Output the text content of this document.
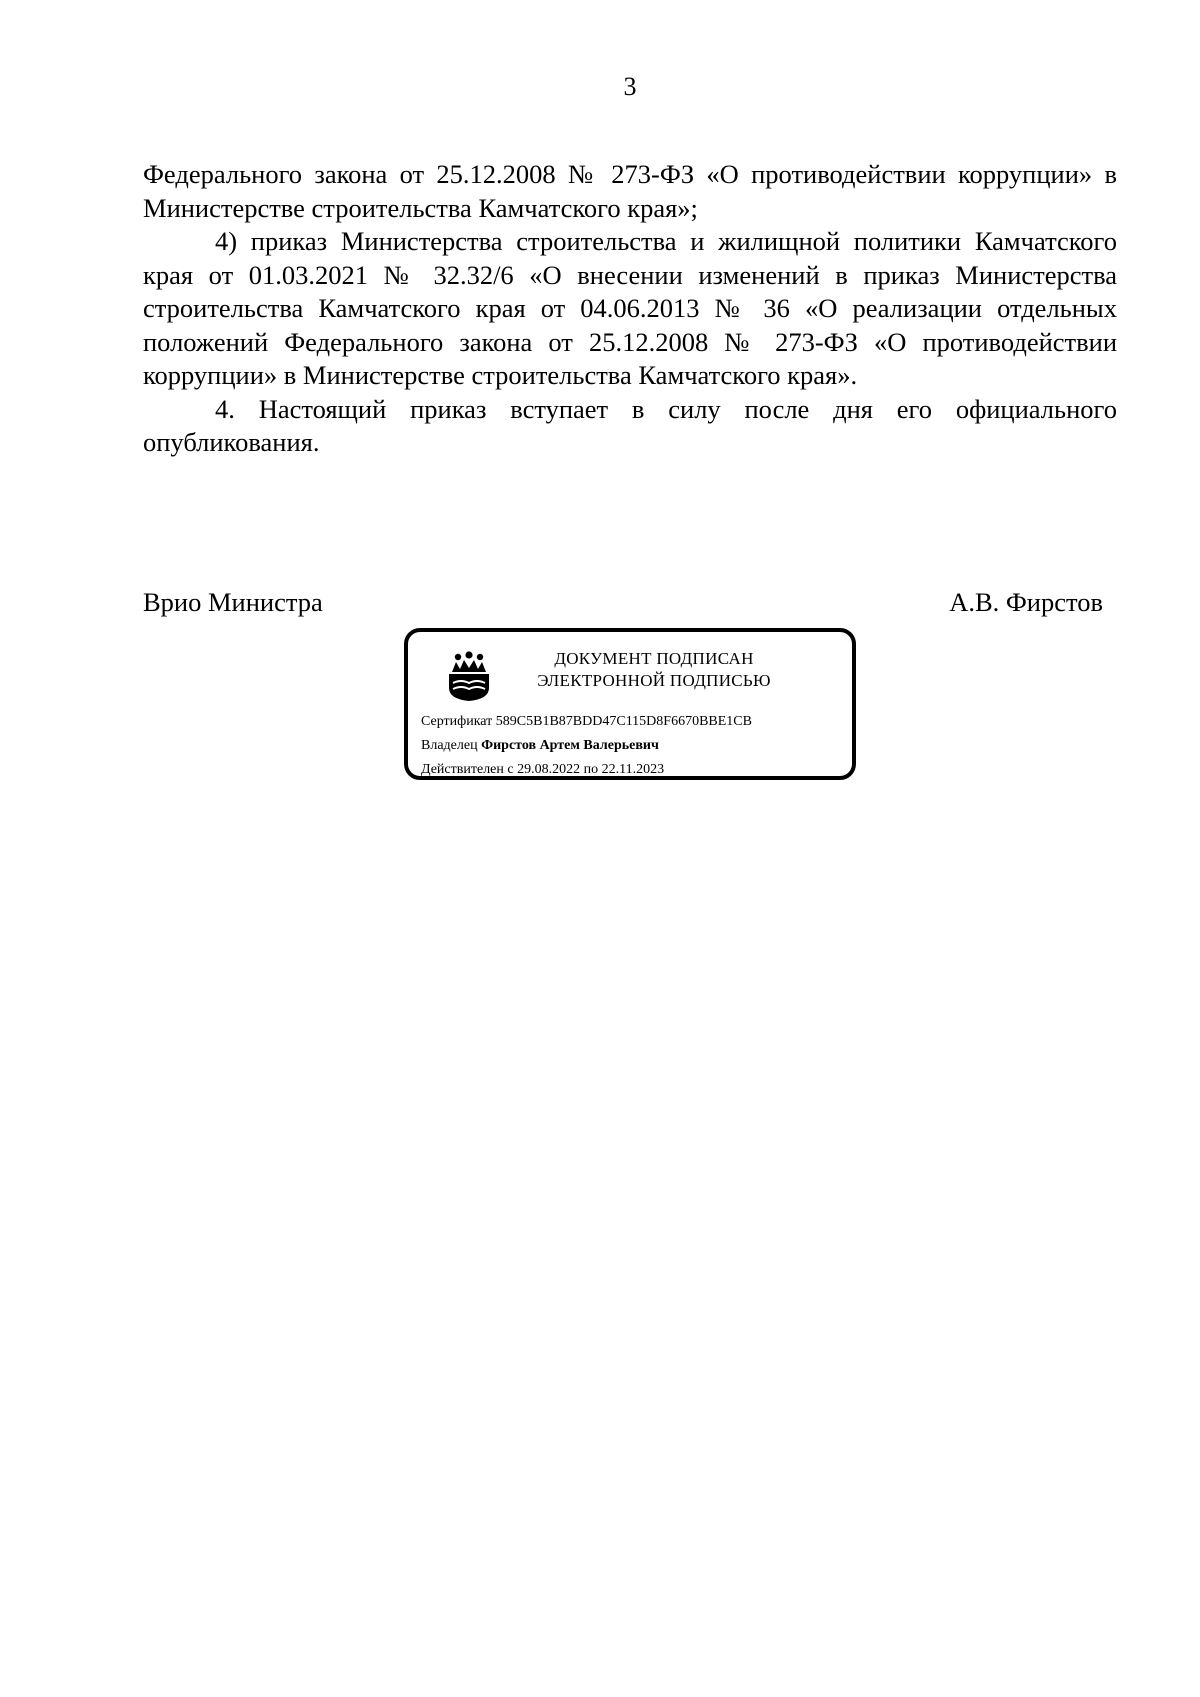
3

Федерального закона от 25.12.2008 № 273-ФЗ «О противодействии коррупции» в Министерстве строительства Камчатского края»;

4) приказ Министерства строительства и жилищной политики Камчатского края от 01.03.2021 № 32.32/6 «О внесении изменений в приказ Министерства строительства Камчатского края от 04.06.2013 № 36 «О реализации отдельных положений Федерального закона от 25.12.2008 № 273-ФЗ «О противодействии коррупции» в Министерстве строительства Камчатского края».

4. Настоящий приказ вступает в силу после дня его официального опубликования.

Врио Министра	А.В. Фирстов
ДОКУМЕНТ ПОДПИСАН
ЭЛЕКТРОННОЙ ПОДПИСЬЮ
Сертификат 589C5B1B87BDD47C115D8F6670BBE1CB
Владелец Фирстов Артем Валерьевич
Действителен с 29.08.2022 по 22.11.2023
